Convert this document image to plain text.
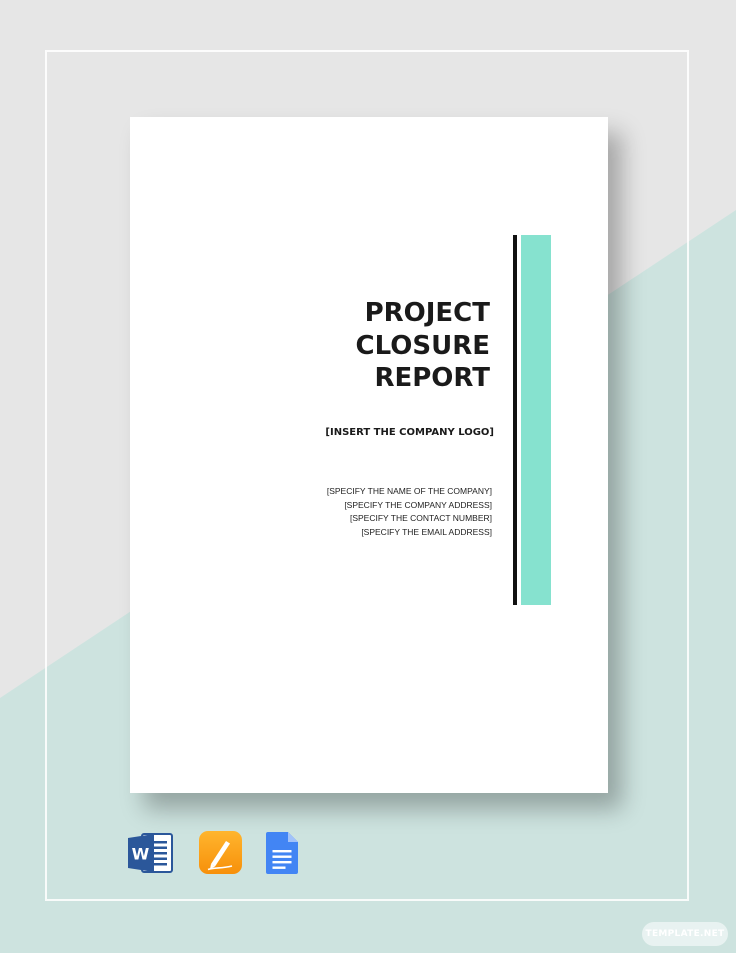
PROJECT
CLOSURE
REPORT
[INSERT THE COMPANY LOGO]
[SPECIFY THE NAME OF THE COMPANY]
[SPECIFY THE COMPANY ADDRESS]
[SPECIFY THE CONTACT NUMBER]
[SPECIFY THE EMAIL ADDRESS]
W
TEMPLATE.NET
